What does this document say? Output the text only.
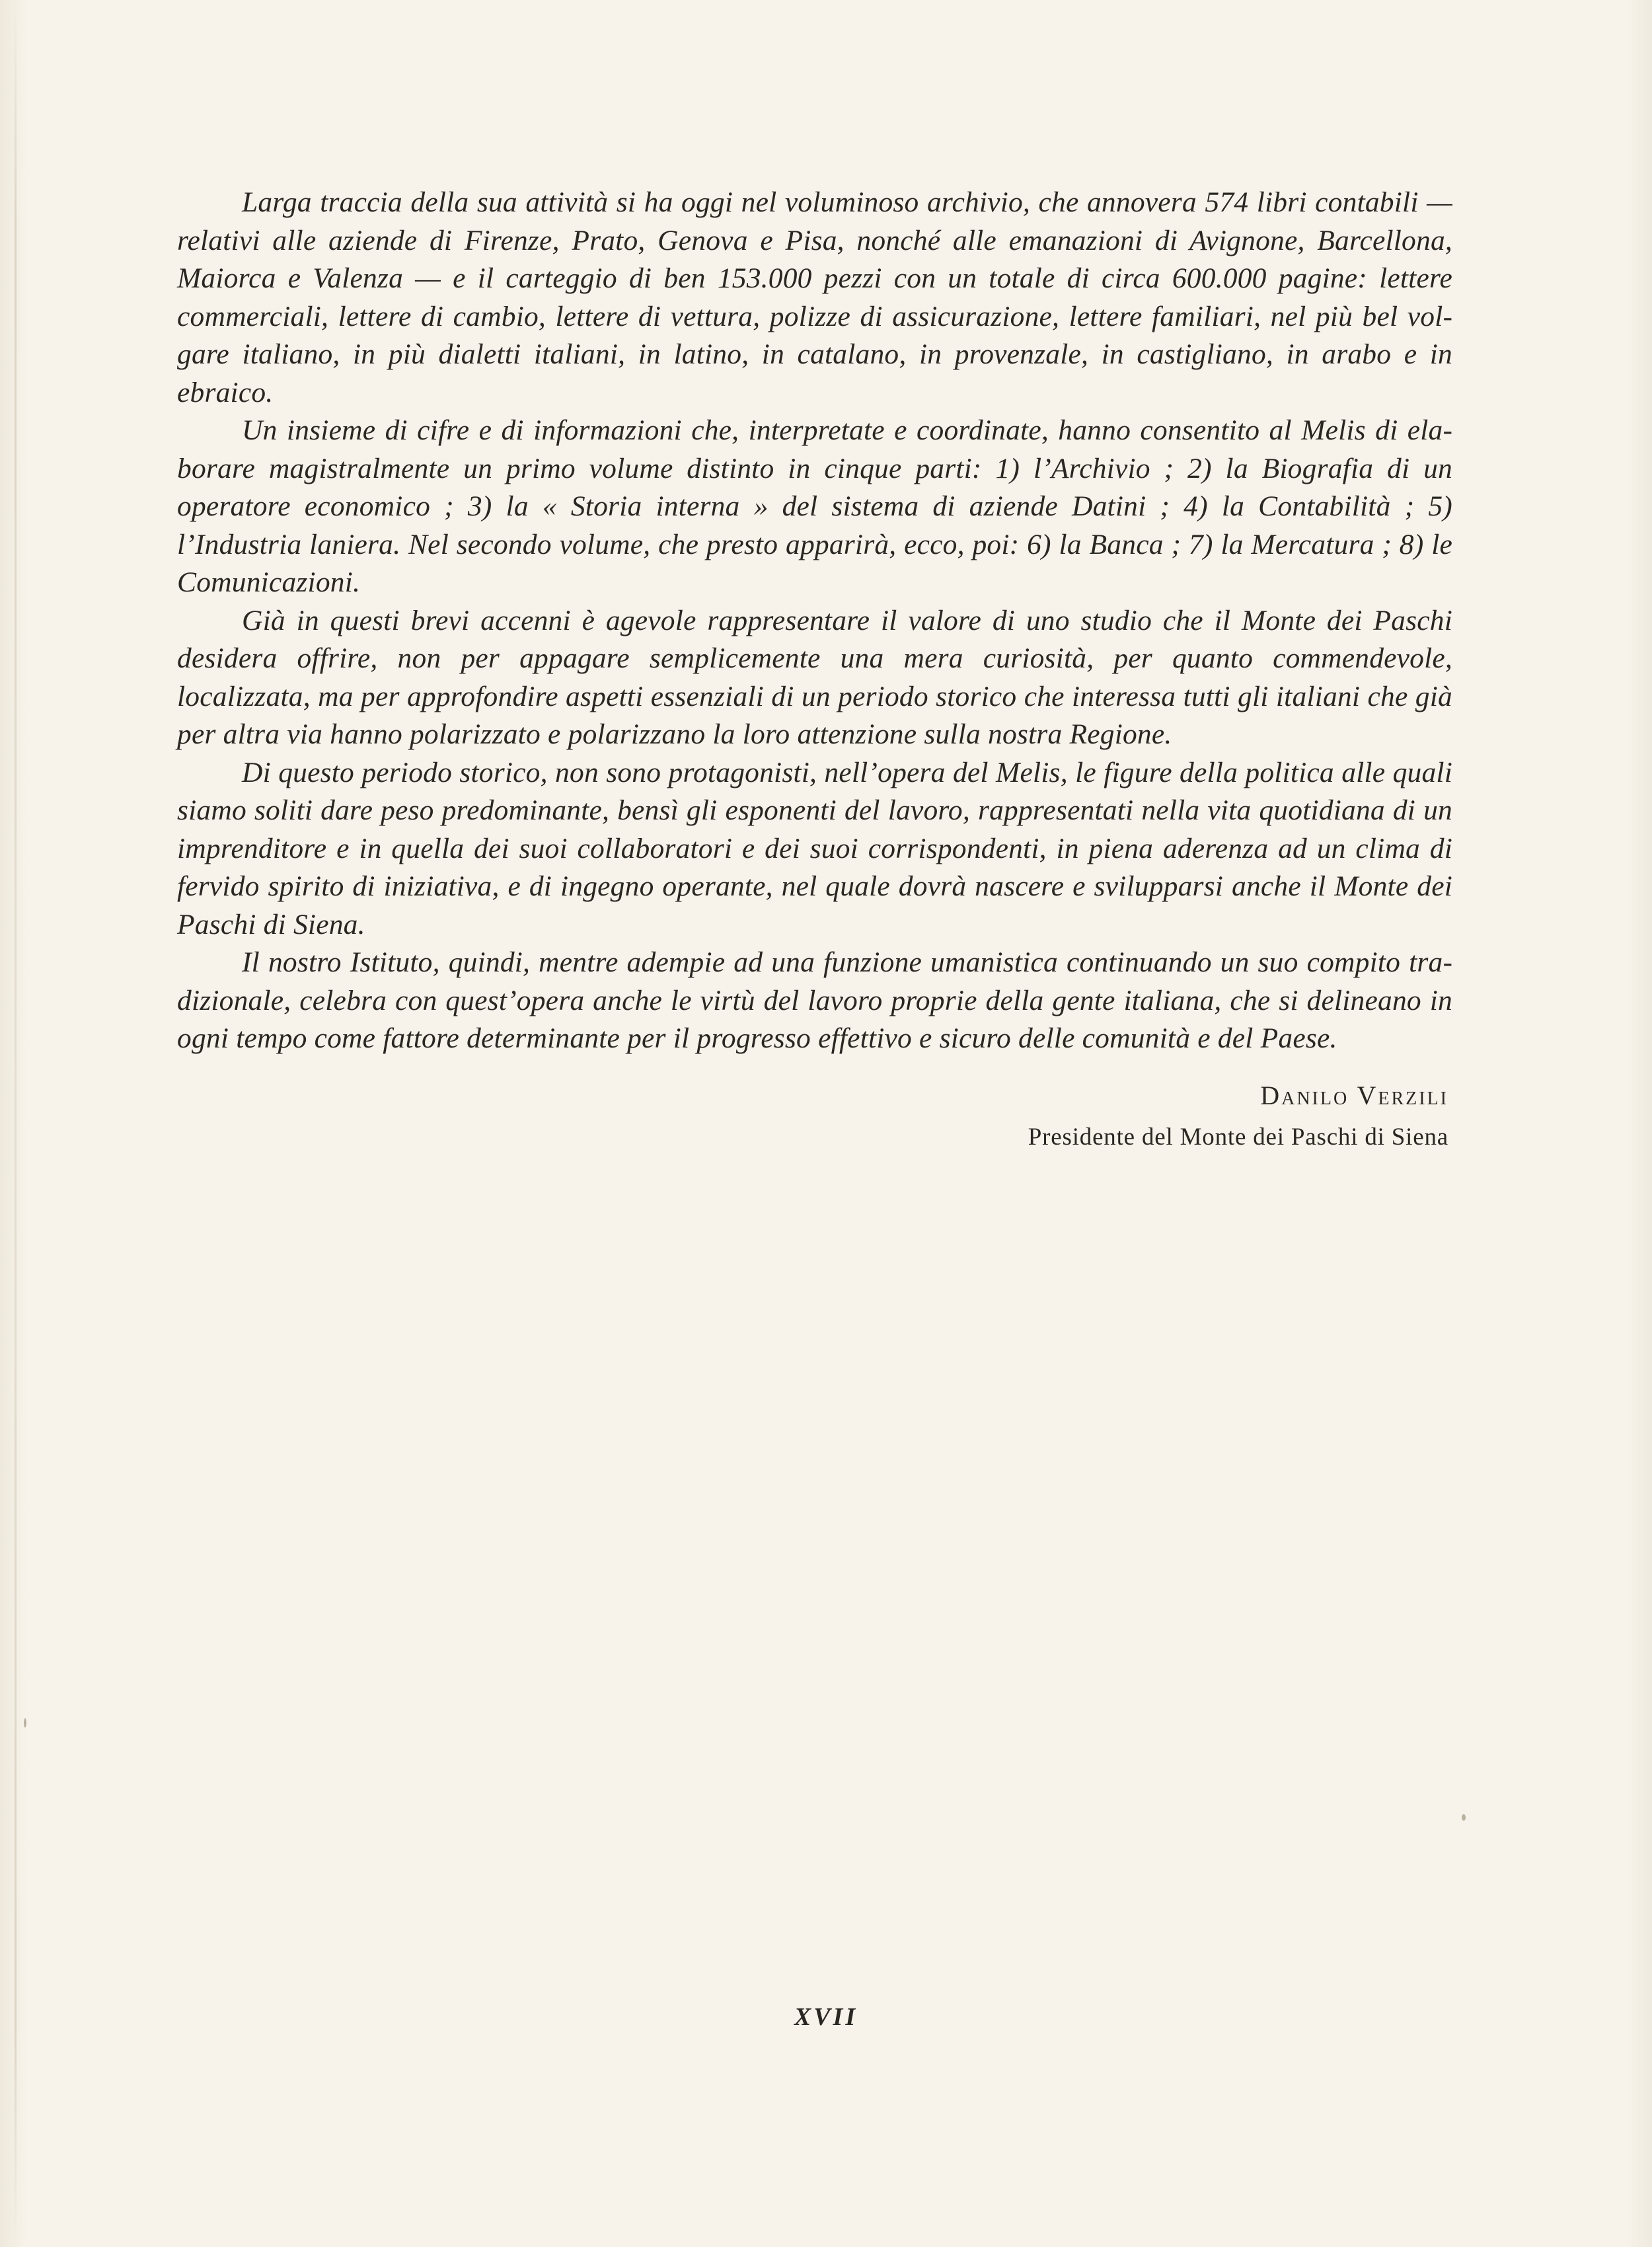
Larga traccia della sua attività si ha oggi nel voluminoso archivio, che annovera 574 libri contabili — relativi alle aziende di Firenze, Prato, Genova e Pisa, nonché alle emanazioni di Avignone, Barcellona, Maiorca e Valenza — e il carteggio di ben 153.000 pezzi con un totale di circa 600.000 pagine: lettere commerciali, lettere di cambio, lettere di vettura, polizze di assicurazione, lettere familiari, nel più bel volgare italiano, in più dialetti italiani, in latino, in catalano, in provenzale, in castigliano, in arabo e in ebraico.

Un insieme di cifre e di informazioni che, interpretate e coordinate, hanno consentito al Melis di elaborare magistralmente un primo volume distinto in cinque parti: 1) l’Archivio ; 2) la Biografia di un operatore economico ; 3) la « Storia interna » del sistema di aziende Datini ; 4) la Contabilità ; 5) l’Industria laniera. Nel secondo volume, che presto apparirà, ecco, poi: 6) la Banca ; 7) la Mercatura ; 8) le Comunicazioni.

Già in questi brevi accenni è agevole rappresentare il valore di uno studio che il Monte dei Paschi desidera offrire, non per appagare semplicemente una mera curiosità, per quanto commendevole, localizzata, ma per approfondire aspetti essenziali di un periodo storico che interessa tutti gli italiani che già per altra via hanno polarizzato e polarizzano la loro attenzione sulla nostra Regione.

Di questo periodo storico, non sono protagonisti, nell’opera del Melis, le figure della politica alle quali siamo soliti dare peso predominante, bensì gli esponenti del lavoro, rappresentati nella vita quotidiana di un imprenditore e in quella dei suoi collaboratori e dei suoi corrispondenti, in piena aderenza ad un clima di fervido spirito di iniziativa, e di ingegno operante, nel quale dovrà nascere e svilupparsi anche il Monte dei Paschi di Siena.

Il nostro Istituto, quindi, mentre adempie ad una funzione umanistica continuando un suo compito tradizionale, celebra con quest’opera anche le virtù del lavoro proprie della gente italiana, che si delineano in ogni tempo come fattore determinante per il progresso effettivo e sicuro delle comunità e del Paese.

Danilo Verzili
Presidente del Monte dei Paschi di Siena
XVII
